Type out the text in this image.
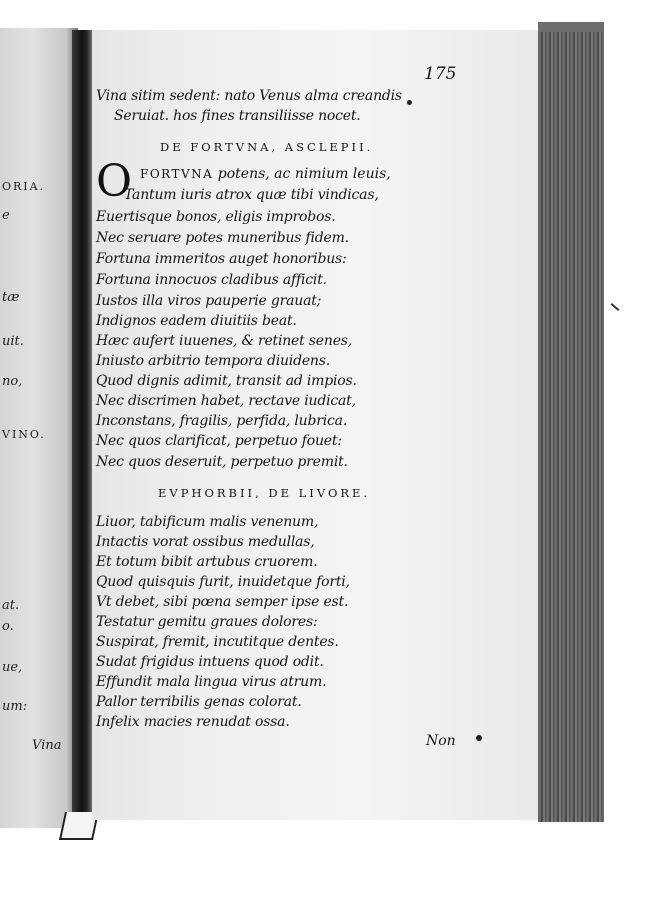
ORIA.
e
tæ
uit.
no,
VINO.
at.
o.
ue,
um:
Vina
175
Vina sitim sedent: nato Venus alma creandis
Seruiat. hos fines transiliisse nocet.
DE FORTVNA, ASCLEPII.
O FORTVNA potens, ac nimium leuis,
Tantum iuris atrox quæ tibi vindicas,
Euertisque bonos, eligis improbos.
Nec seruare potes muneribus fidem.
Fortuna immeritos auget honoribus:
Fortuna innocuos cladibus afficit.
Iustos illa viros pauperie grauat;
Indignos eadem diuitiis beat.
Hæc aufert iuuenes, & retinet senes,
Iniusto arbitrio tempora diuidens.
Quod dignis adimit, transit ad impios.
Nec discrimen habet, rectave iudicat,
Inconstans, fragilis, perfida, lubrica.
Nec quos clarificat, perpetuo fouet:
Nec quos deseruit, perpetuo premit.
EVPHORBII, DE LIVORE.
Liuor, tabificum malis venenum,
Intactis vorat ossibus medullas,
Et totum bibit artubus cruorem.
Quod quisquis furit, inuidetque forti,
Vt debet, sibi pœna semper ipse est.
Testatur gemitu graues dolores:
Suspirat, fremit, incutitque dentes.
Sudat frigidus intuens quod odit.
Effundit mala lingua virus atrum.
Pallor terribilis genas colorat.
Infelix macies renudat ossa.
Non
